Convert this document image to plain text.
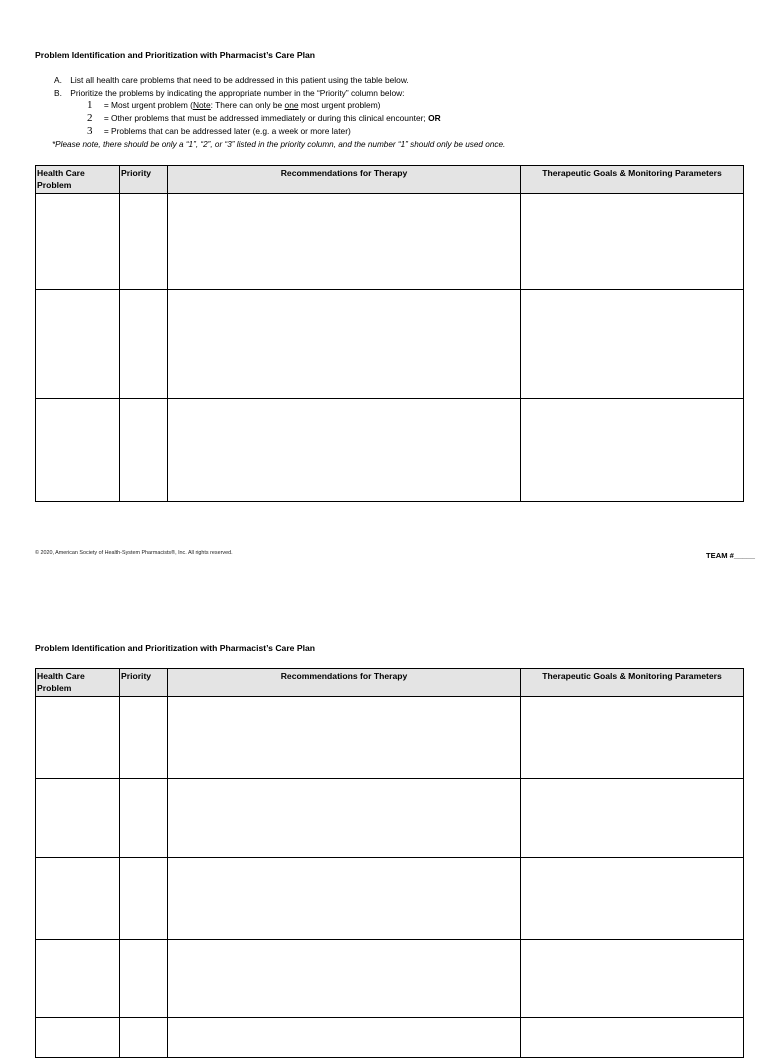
Problem Identification and Prioritization with Pharmacist’s Care Plan
A. List all health care problems that need to be addressed in this patient using the table below.
B. Prioritize the problems by indicating the appropriate number in the “Priority” column below:
1 = Most urgent problem (Note: There can only be one most urgent problem)
2 = Other problems that must be addressed immediately or during this clinical encounter; OR
3 = Problems that can be addressed later (e.g. a week or more later)
*Please note, there should be only a “1”, “2”, or “3” listed in the priority column, and the number “1” should only be used once.
Health Care Problem	Priority	Recommendations for Therapy	Therapeutic Goals & Monitoring Parameters

© 2020, American Society of Health-System Pharmacists®, Inc. All rights reserved.	TEAM #_____
Problem Identification and Prioritization with Pharmacist’s Care Plan
Health Care Problem	Priority	Recommendations for Therapy	Therapeutic Goals & Monitoring Parameters
